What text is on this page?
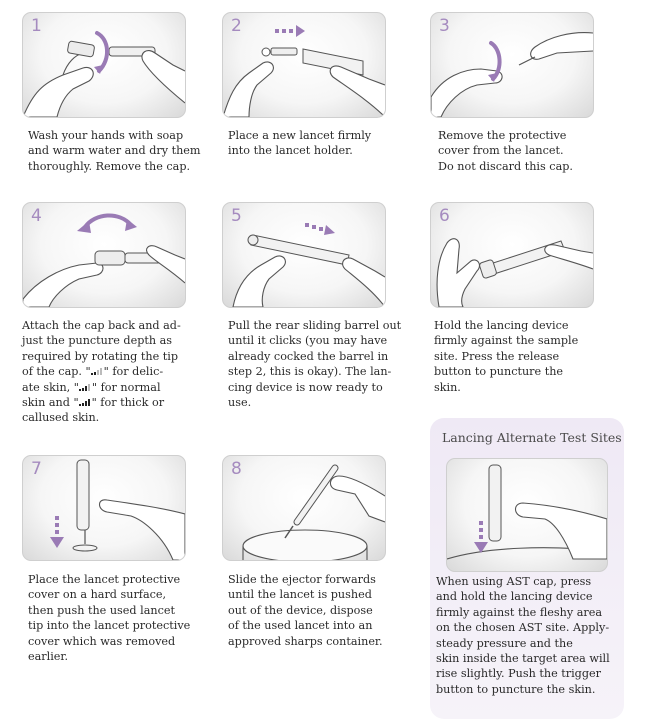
1

Wash your hands with soap
and warm water and dry them
thoroughly. Remove the cap.

2

Place a new lancet firmly
into the lancet holder.

3

Remove the protective
cover from the lancet.
Do not discard this cap.

4

Attach the cap back and ad-
just the puncture depth as
required by rotating the tip
of the cap. " " for delic-
ate skin, " " for normal
skin and " " for thick or
callused skin.

5

Pull the rear sliding barrel out
until it clicks (you may have
already cocked the barrel in
step 2, this is okay). The lan-
cing device is now ready to
use.

6

Hold the lancing device
firmly against the sample
site. Press the release
button to puncture the
skin.

7

Place the lancet protective
cover on a hard surface,
then push the used lancet
tip into the lancet protective
cover which was removed
earlier.

8

Slide the ejector forwards
until the lancet is pushed
out of the device, dispose
of the used lancet into an
approved sharps container.

Lancing Alternate Test Sites

When using AST cap, press
and hold the lancing device
firmly against the fleshy area
on the chosen AST site. Apply-
steady pressure and the
skin inside the target area will
rise slightly. Push the trigger
button to puncture the skin.
